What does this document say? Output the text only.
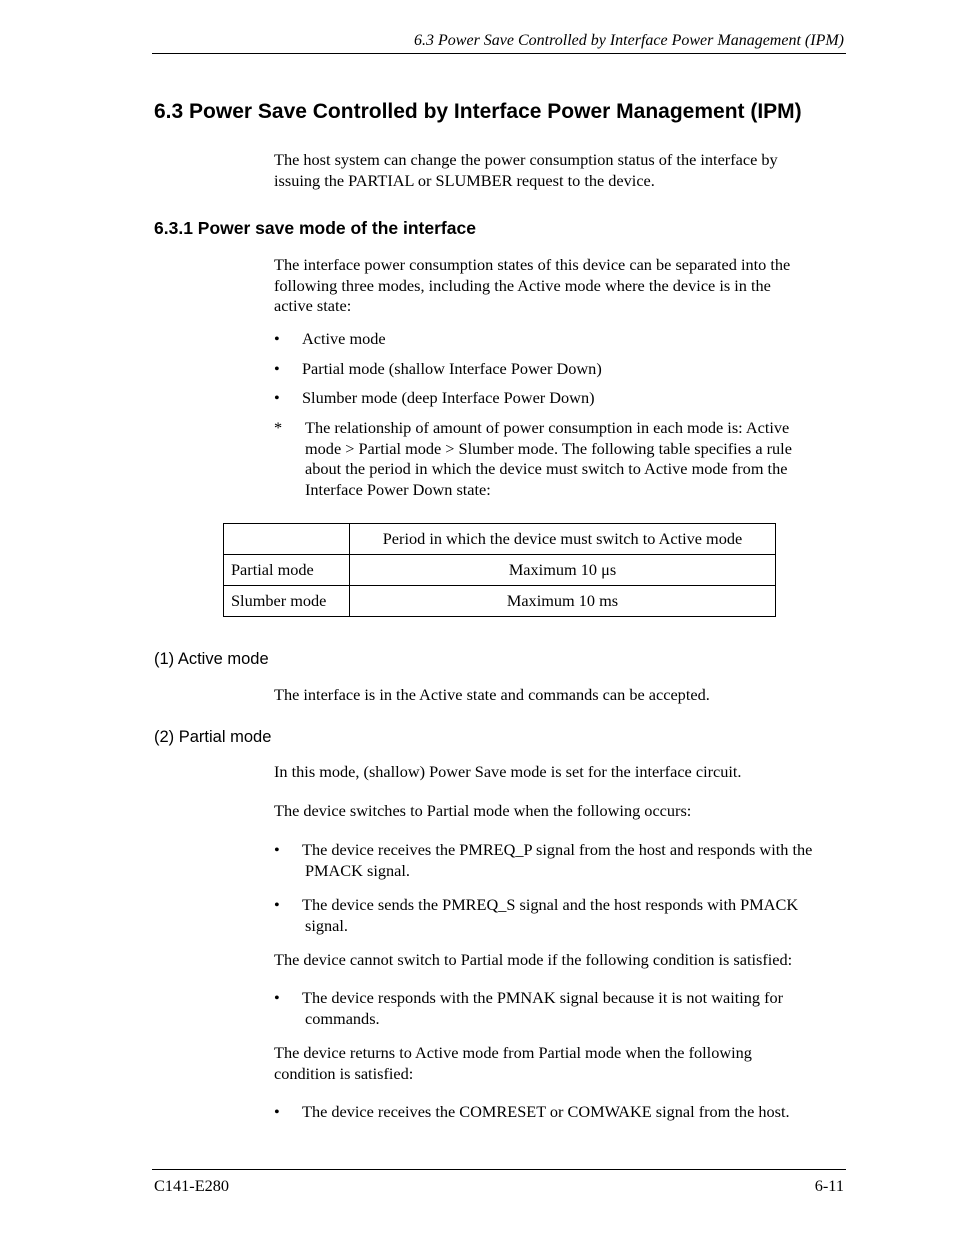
6.3 Power Save Controlled by Interface Power Management (IPM)
6.3 Power Save Controlled by Interface Power Management (IPM)
The host system can change the power consumption status of the interface by
issuing the PARTIAL or SLUMBER request to the device.
6.3.1 Power save mode of the interface
The interface power consumption states of this device can be separated into the
following three modes, including the Active mode where the device is in the
active state:
•	Active mode
•	Partial mode (shallow Interface Power Down)
•	Slumber mode (deep Interface Power Down)
* The relationship of amount of power consumption in each mode is: Active
mode > Partial mode > Slumber mode. The following table specifies a rule
about the period in which the device must switch to Active mode from the
Interface Power Down state:
	Period in which the device must switch to Active mode
Partial mode	Maximum 10 μs
Slumber mode	Maximum 10 ms
(1) Active mode
The interface is in the Active state and commands can be accepted.
(2) Partial mode
In this mode, (shallow) Power Save mode is set for the interface circuit.
The device switches to Partial mode when the following occurs:
•	The device receives the PMREQ_P signal from the host and responds with the
PMACK signal.
•	The device sends the PMREQ_S signal and the host responds with PMACK
signal.
The device cannot switch to Partial mode if the following condition is satisfied:
•	The device responds with the PMNAK signal because it is not waiting for
commands.
The device returns to Active mode from Partial mode when the following
condition is satisfied:
•	The device receives the COMRESET or COMWAKE signal from the host.
C141-E280	6-11
